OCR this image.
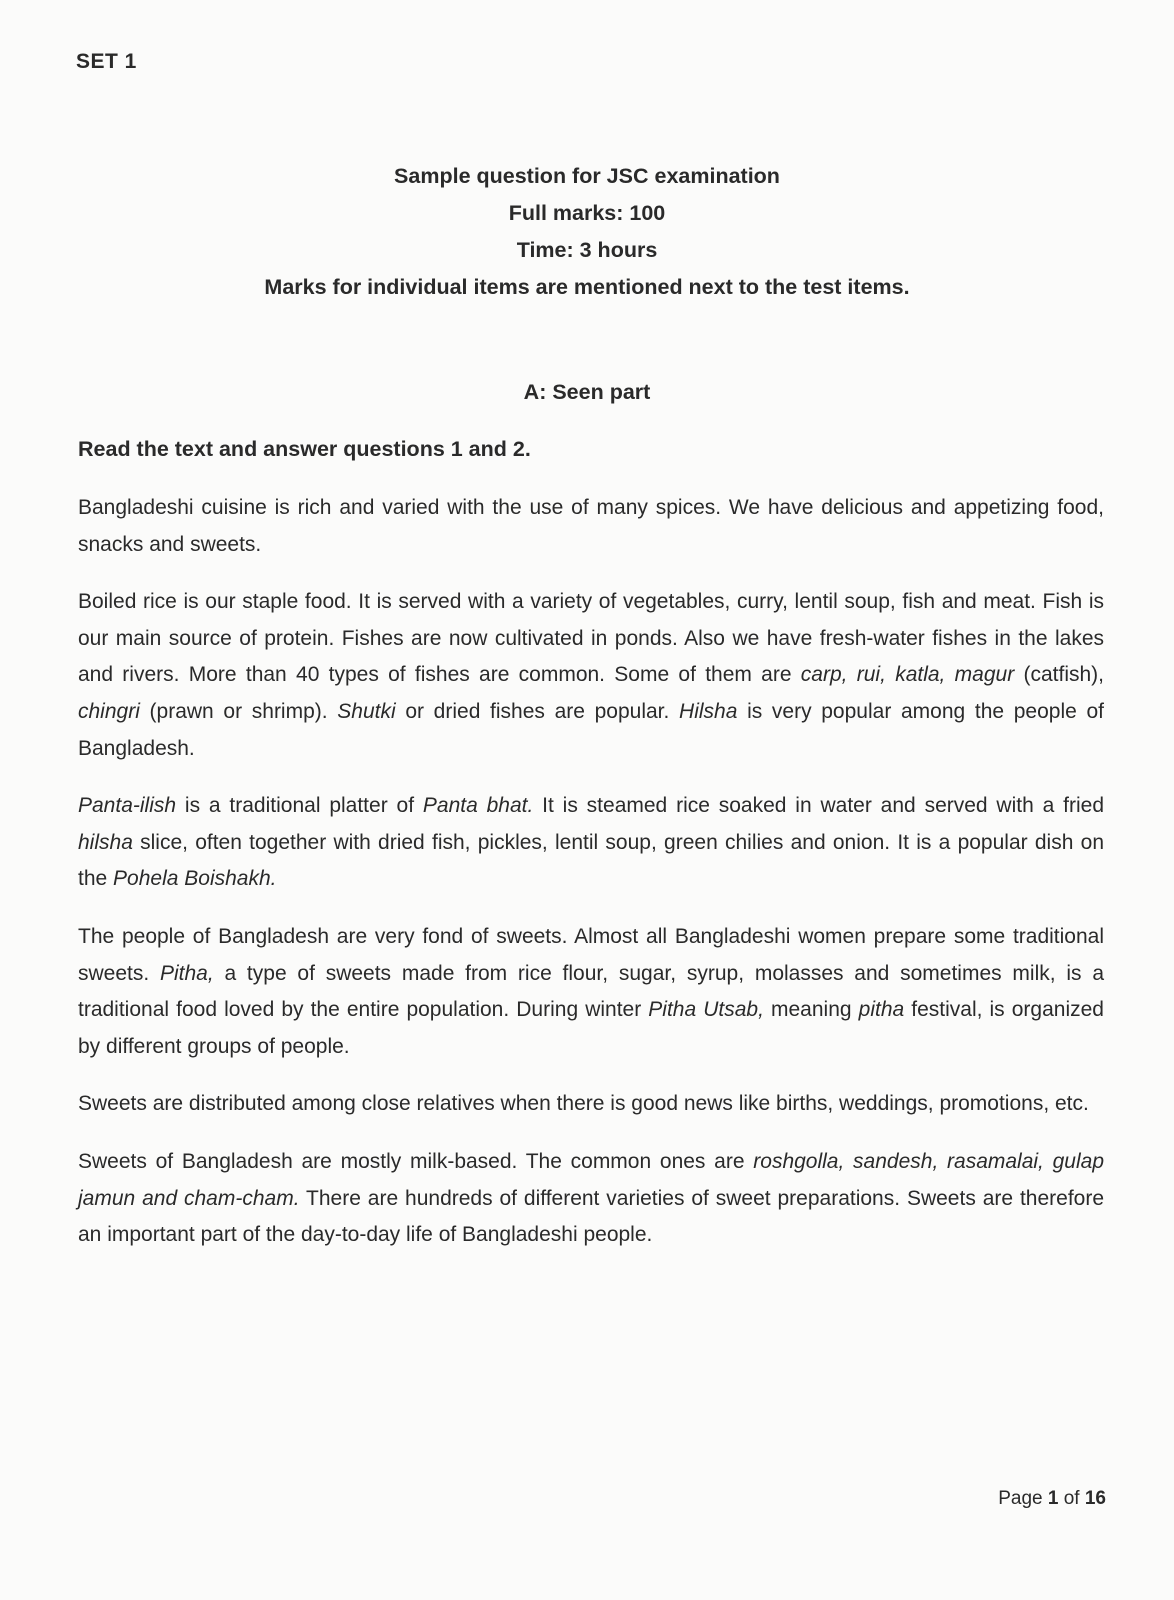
SET 1
Sample question for JSC examination
Full marks: 100
Time: 3 hours
Marks for individual items are mentioned next to the test items.
A: Seen part
Read the text and answer questions 1 and 2.

Bangladeshi cuisine is rich and varied with the use of many spices. We have delicious and appetizing food, snacks and sweets.

Boiled rice is our staple food. It is served with a variety of vegetables, curry, lentil soup, fish and meat. Fish is our main source of protein. Fishes are now cultivated in ponds. Also we have fresh-water fishes in the lakes and rivers. More than 40 types of fishes are common. Some of them are carp, rui, katla, magur (catfish), chingri (prawn or shrimp). Shutki or dried fishes are popular. Hilsha is very popular among the people of Bangladesh.

Panta-ilish is a traditional platter of Panta bhat. It is steamed rice soaked in water and served with a fried hilsha slice, often together with dried fish, pickles, lentil soup, green chilies and onion. It is a popular dish on the Pohela Boishakh.

The people of Bangladesh are very fond of sweets. Almost all Bangladeshi women prepare some traditional sweets. Pitha, a type of sweets made from rice flour, sugar, syrup, molasses and sometimes milk, is a traditional food loved by the entire population. During winter Pitha Utsab, meaning pitha festival, is organized by different groups of people.

Sweets are distributed among close relatives when there is good news like births, weddings, promotions, etc.

Sweets of Bangladesh are mostly milk-based. The common ones are roshgolla, sandesh, rasamalai, gulap jamun and cham-cham. There are hundreds of different varieties of sweet preparations. Sweets are therefore an important part of the day-to-day life of Bangladeshi people.

Page 1 of 16
